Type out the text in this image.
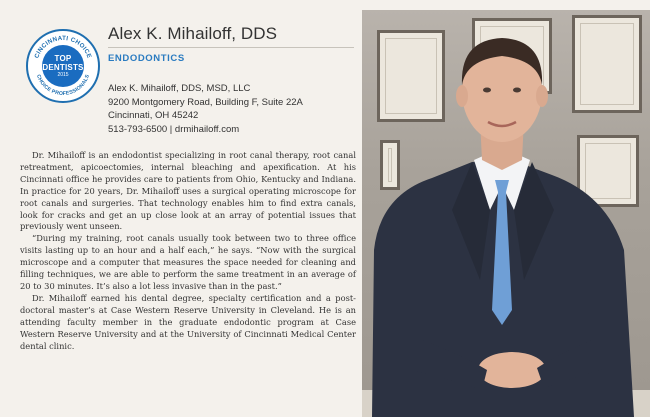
CINCINNATI CHOICE
CHOICE PROFESSIONALS
TOP
DENTISTS
2015
Alex K. Mihailoff, DDS
ENDODONTICS
Alex K. Mihailoff, DDS, MSD, LLC
9200 Montgomery Road, Building F, Suite 22A
Cincinnati, OH 45242
513-793-6500 | drmihailoff.com

Dr. Mihailoff is an endodontist specializing in root canal therapy, root canal retreatment, apicoectomies, internal bleaching and apexification. At his Cincinnati office he provides care to patients from Ohio, Kentucky and Indiana. In practice for 20 years, Dr. Mihailoff uses a surgical operating microscope for root canals and surgeries. That technology enables him to find extra canals, look for cracks and get an up close look at an array of potential issues that previously went unseen.

“During my training, root canals usually took between two to three office visits lasting up to an hour and a half each,” he says. “Now with the surgical microscope and a computer that measures the space needed for cleaning and filling techniques, we are able to perform the same treatment in an average of 20 to 30 minutes. It’s also a lot less invasive than in the past.”

Dr. Mihailoff earned his dental degree, specialty certification and a post-doctoral master’s at Case Western Reserve University in Cleveland. He is an attending faculty member in the graduate endodontic program at Case Western Reserve University and at the University of Cincinnati Medical Center dental clinic.
